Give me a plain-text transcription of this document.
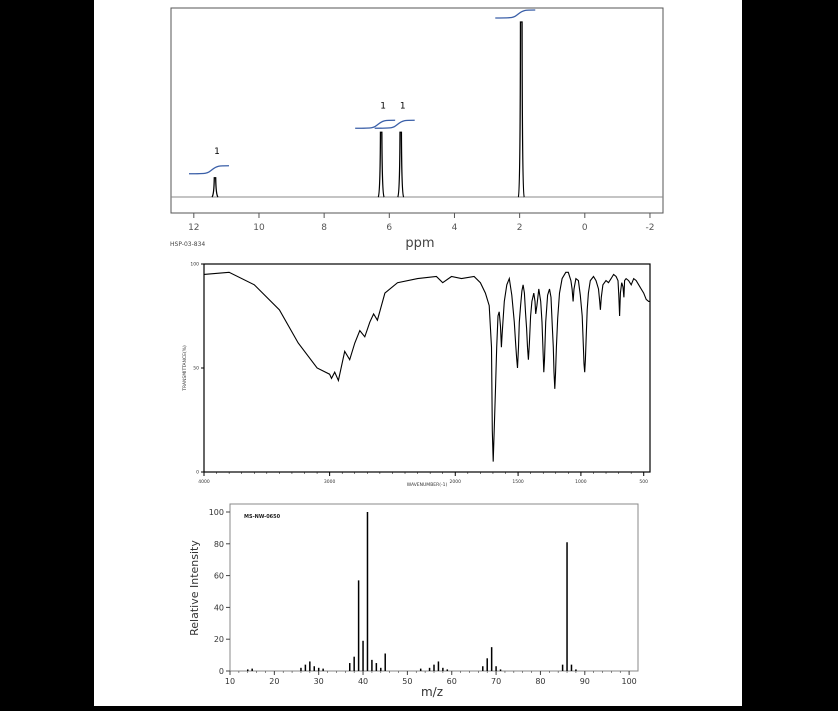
12	10	8	6	4	2	0	-2
1
1 1
ppm
HSP-03-834
4000	3000	2000	1500	1000	500
0
50
100
WAVENUMBER(-1)
TRANSMITTANCE(%)
10	20	30	40	50	60	70	80	90	100
0
20
40
60
80
100	MS-NW-0650
m/z
Relative Intensity
